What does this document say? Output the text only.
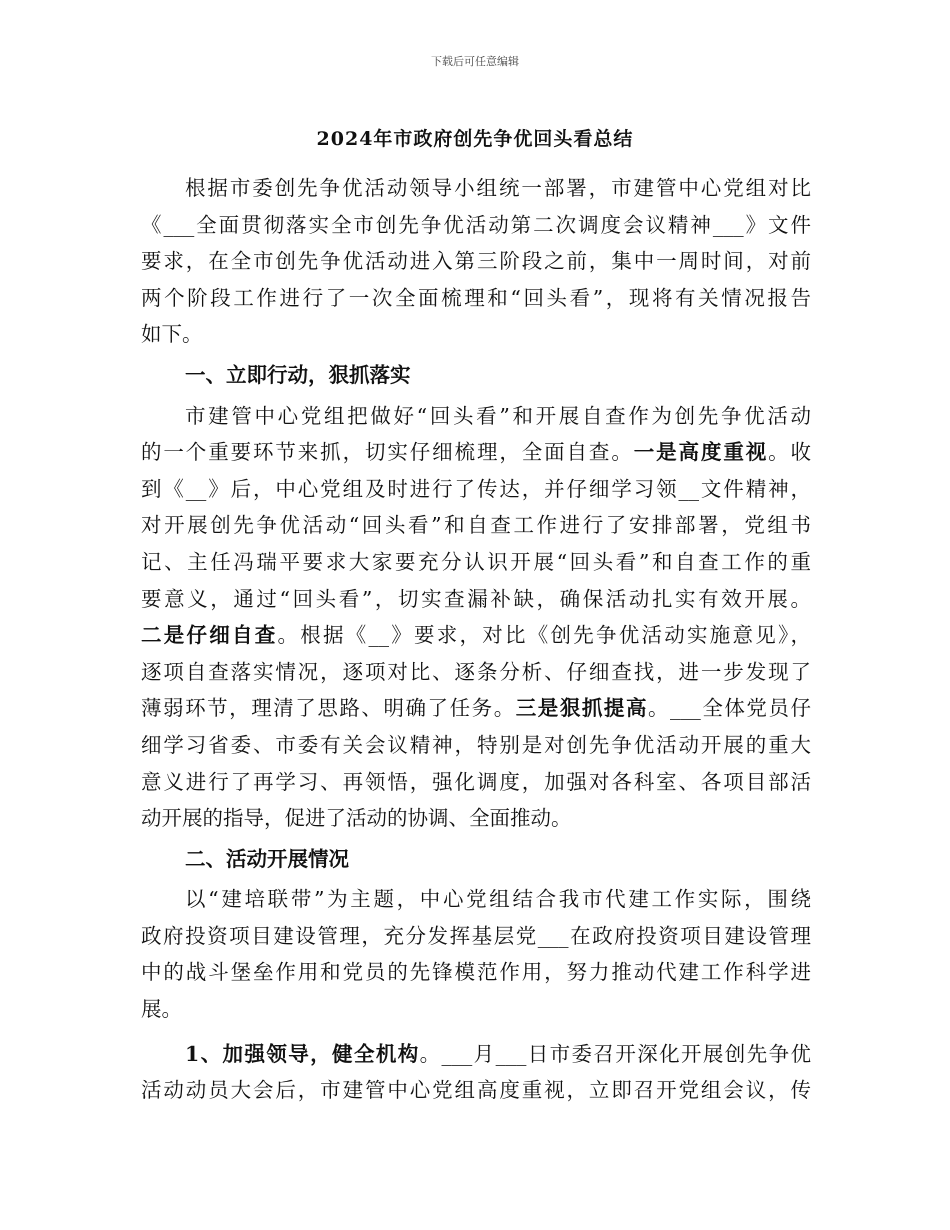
下载后可任意编辑
2024年市政府创先争优回头看总结
根据市委创先争优活动领导小组统一部署，市建管中心党组对比
《___全面贯彻落实全市创先争优活动第二次调度会议精神___》文件
要求，在全市创先争优活动进入第三阶段之前，集中一周时间，对前
两个阶段工作进行了一次全面梳理和“回头看”，现将有关情况报告
如下。
一、立即行动，狠抓落实
市建管中心党组把做好“回头看”和开展自查作为创先争优活动
的一个重要环节来抓，切实仔细梳理，全面自查。一是高度重视。收
到《__》后，中心党组及时进行了传达，并仔细学习领__文件精神，
对开展创先争优活动“回头看”和自查工作进行了安排部署，党组书
记、主任冯瑞平要求大家要充分认识开展“回头看”和自查工作的重
要意义，通过“回头看”，切实查漏补缺，确保活动扎实有效开展。
二是仔细自查。根据《__》要求，对比《创先争优活动实施意见》，
逐项自查落实情况，逐项对比、逐条分析、仔细查找，进一步发现了
薄弱环节，理清了思路、明确了任务。三是狠抓提高。___全体党员仔
细学习省委、市委有关会议精神，特别是对创先争优活动开展的重大
意义进行了再学习、再领悟，强化调度，加强对各科室、各项目部活
动开展的指导，促进了活动的协调、全面推动。
二、活动开展情况
以“建培联带”为主题，中心党组结合我市代建工作实际，围绕
政府投资项目建设管理，充分发挥基层党___在政府投资项目建设管理
中的战斗堡垒作用和党员的先锋模范作用，努力推动代建工作科学进
展。
1、加强领导，健全机构。___月___日市委召开深化开展创先争优
活动动员大会后，市建管中心党组高度重视，立即召开党组会议，传
